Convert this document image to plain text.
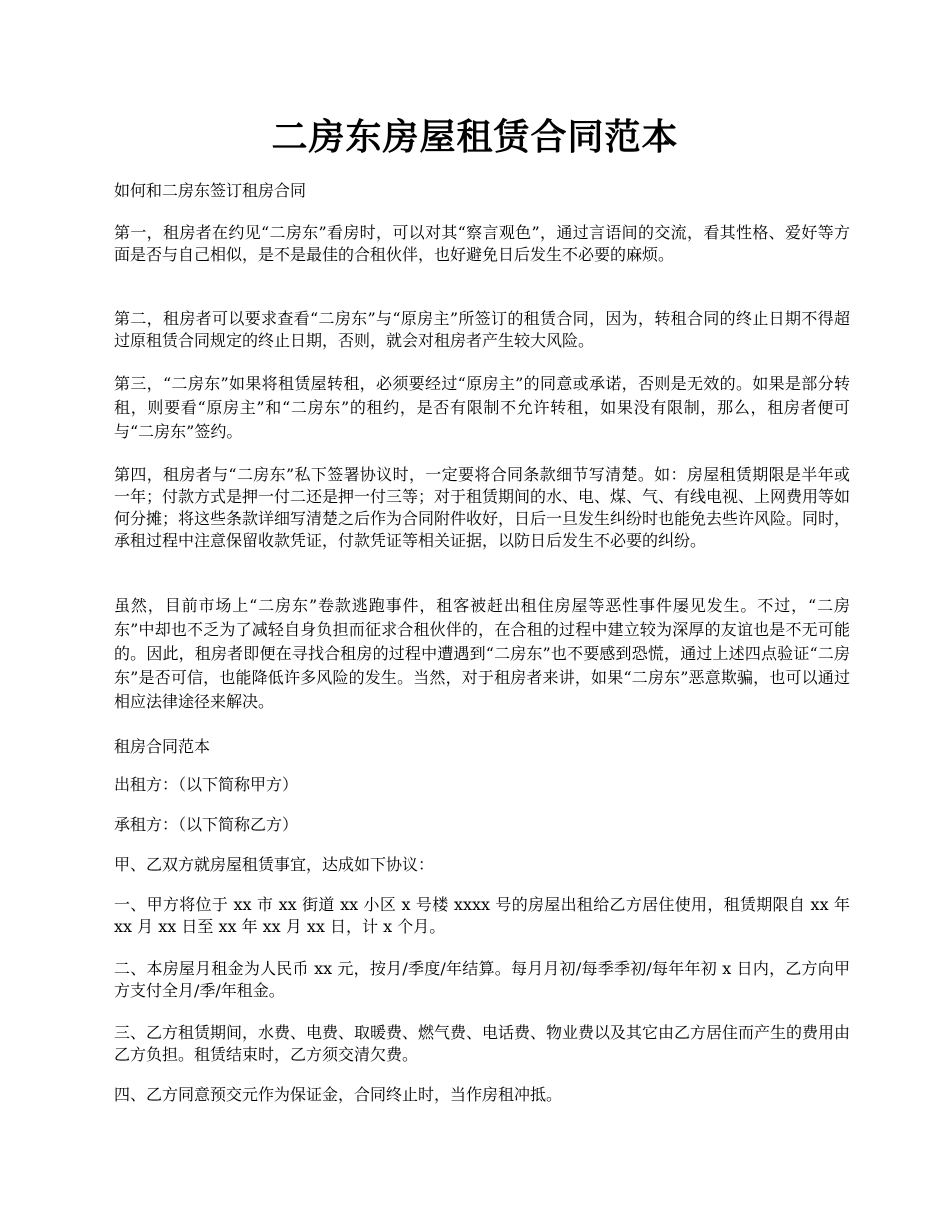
二房东房屋租赁合同范本

如何和二房东签订租房合同

第一，租房者在约见“二房东”看房时，可以对其“察言观色”，通过言语间的交流，看其性格、爱好等方面是否与自己相似，是不是最佳的合租伙伴，也好避免日后发生不必要的麻烦。

第二，租房者可以要求查看“二房东”与“原房主”所签订的租赁合同，因为，转租合同的终止日期不得超过原租赁合同规定的终止日期，否则，就会对租房者产生较大风险。

第三，“二房东”如果将租赁屋转租，必须要经过“原房主”的同意或承诺，否则是无效的。如果是部分转租，则要看“原房主”和“二房东”的租约，是否有限制不允许转租，如果没有限制，那么，租房者便可与“二房东”签约。

第四，租房者与“二房东”私下签署协议时，一定要将合同条款细节写清楚。如：房屋租赁期限是半年或一年；付款方式是押一付二还是押一付三等；对于租赁期间的水、电、煤、气、有线电视、上网费用等如何分摊；将这些条款详细写清楚之后作为合同附件收好，日后一旦发生纠纷时也能免去些许风险。同时，承租过程中注意保留收款凭证，付款凭证等相关证据，以防日后发生不必要的纠纷。

虽然，目前市场上“二房东”卷款逃跑事件，租客被赶出租住房屋等恶性事件屡见发生。不过，“二房东”中却也不乏为了减轻自身负担而征求合租伙伴的，在合租的过程中建立较为深厚的友谊也是不无可能的。因此，租房者即便在寻找合租房的过程中遭遇到“二房东”也不要感到恐慌，通过上述四点验证“二房东”是否可信，也能降低许多风险的发生。当然，对于租房者来讲，如果“二房东”恶意欺骗，也可以通过相应法律途径来解决。

租房合同范本

出租方：（以下简称甲方）

承租方：（以下简称乙方）

甲、乙双方就房屋租赁事宜，达成如下协议：

一、甲方将位于 xx 市 xx 街道 xx 小区 x 号楼 xxxx 号的房屋出租给乙方居住使用，租赁期限自 xx 年 xx 月 xx 日至 xx 年 xx 月 xx 日，计 x 个月。

二、本房屋月租金为人民币 xx 元，按月/季度/年结算。每月月初/每季季初/每年年初 x 日内，乙方向甲方支付全月/季/年租金。

三、乙方租赁期间，水费、电费、取暖费、燃气费、电话费、物业费以及其它由乙方居住而产生的费用由乙方负担。租赁结束时，乙方须交清欠费。

四、乙方同意预交元作为保证金，合同终止时，当作房租冲抵。
